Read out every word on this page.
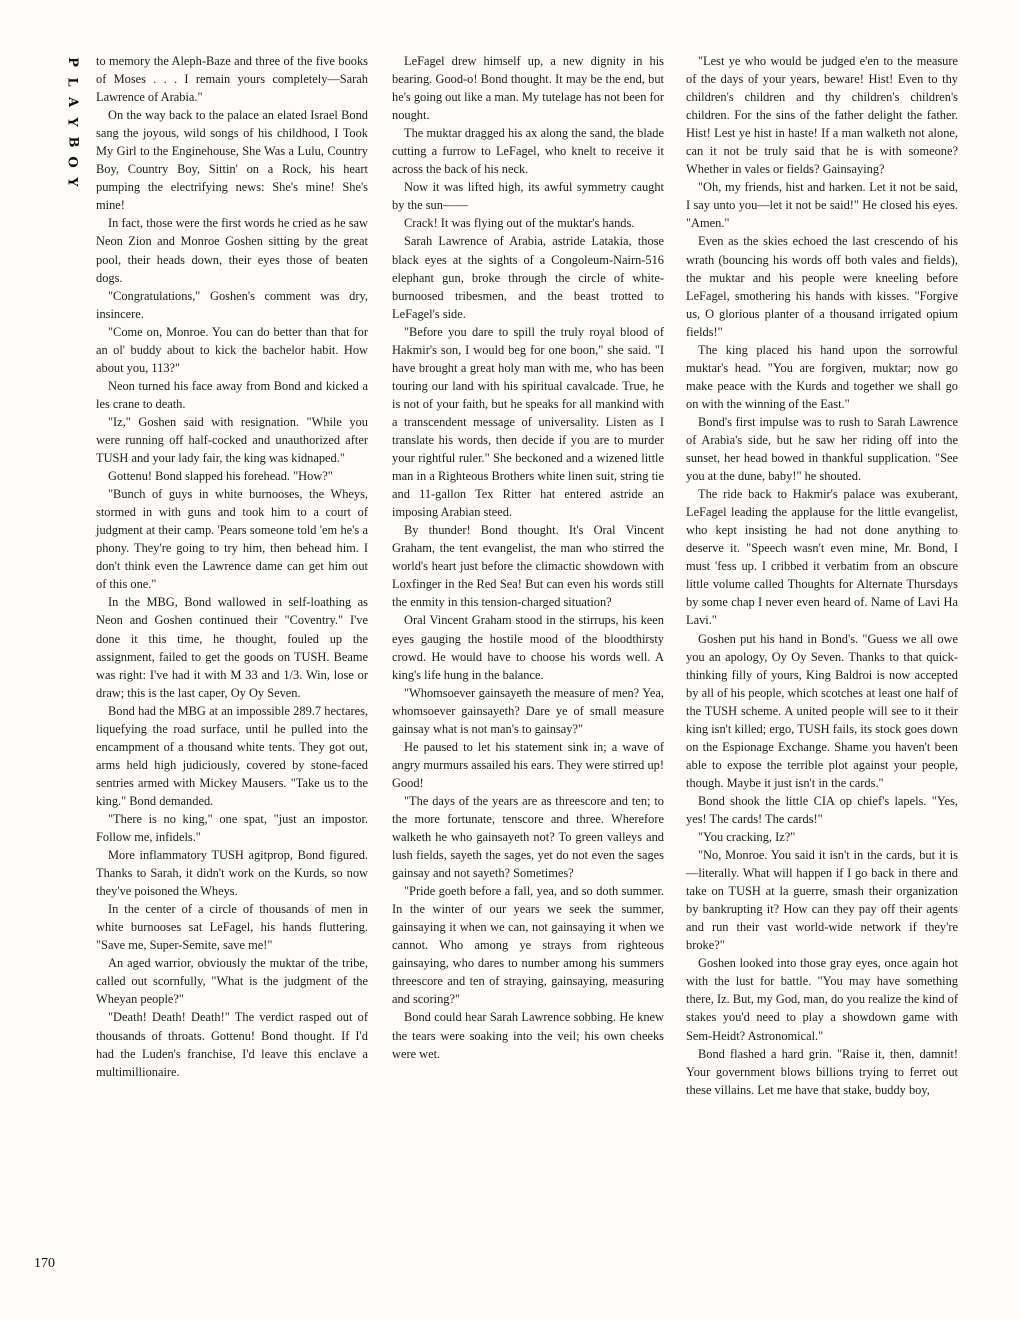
P
L
A
Y
B
O
Y

to memory the Aleph-Baze and three of the five books of Moses . . . I remain yours completely—Sarah Lawrence of Arabia."

On the way back to the palace an elated Israel Bond sang the joyous, wild songs of his childhood, I Took My Girl to the Enginehouse, She Was a Lulu, Country Boy, Country Boy, Sittin' on a Rock, his heart pumping the electrifying news: She's mine! She's mine!

In fact, those were the first words he cried as he saw Neon Zion and Monroe Goshen sitting by the great pool, their heads down, their eyes those of beaten dogs.

"Congratulations," Goshen's comment was dry, insincere.

"Come on, Monroe. You can do better than that for an ol' buddy about to kick the bachelor habit. How about you, 113?"

Neon turned his face away from Bond and kicked a les crane to death.

"Iz," Goshen said with resignation. "While you were running off half-cocked and unauthorized after TUSH and your lady fair, the king was kidnaped."

Gottenu! Bond slapped his forehead. "How?"

"Bunch of guys in white burnooses, the Wheys, stormed in with guns and took him to a court of judgment at their camp. 'Pears someone told 'em he's a phony. They're going to try him, then behead him. I don't think even the Lawrence dame can get him out of this one."

In the MBG, Bond wallowed in self-loathing as Neon and Goshen continued their "Coventry." I've done it this time, he thought, fouled up the assignment, failed to get the goods on TUSH. Beame was right: I've had it with M 33 and 1/3. Win, lose or draw; this is the last caper, Oy Oy Seven.

Bond had the MBG at an impossible 289.7 hectares, liquefying the road surface, until he pulled into the encampment of a thousand white tents. They got out, arms held high judiciously, covered by stone-faced sentries armed with Mickey Mausers. "Take us to the king." Bond demanded.

"There is no king," one spat, "just an impostor. Follow me, infidels."

More inflammatory TUSH agitprop, Bond figured. Thanks to Sarah, it didn't work on the Kurds, so now they've poisoned the Wheys.

In the center of a circle of thousands of men in white burnooses sat LeFagel, his hands fluttering. "Save me, Super-Semite, save me!"

An aged warrior, obviously the muktar of the tribe, called out scornfully, "What is the judgment of the Wheyan people?"

"Death! Death! Death!" The verdict rasped out of thousands of throats. Gottenu! Bond thought. If I'd had the Luden's franchise, I'd leave this enclave a multimillionaire.

LeFagel drew himself up, a new dignity in his bearing. Good-o! Bond thought. It may be the end, but he's going out like a man. My tutelage has not been for nought.

The muktar dragged his ax along the sand, the blade cutting a furrow to LeFagel, who knelt to receive it across the back of his neck.

Now it was lifted high, its awful symmetry caught by the sun——

Crack! It was flying out of the muktar's hands.

Sarah Lawrence of Arabia, astride Latakia, those black eyes at the sights of a Congoleum-Nairn-516 elephant gun, broke through the circle of white-burnoosed tribesmen, and the beast trotted to LeFagel's side.

"Before you dare to spill the truly royal blood of Hakmir's son, I would beg for one boon," she said. "I have brought a great holy man with me, who has been touring our land with his spiritual cavalcade. True, he is not of your faith, but he speaks for all mankind with a transcendent message of universality. Listen as I translate his words, then decide if you are to murder your rightful ruler." She beckoned and a wizened little man in a Righteous Brothers white linen suit, string tie and 11-gallon Tex Ritter hat entered astride an imposing Arabian steed.

By thunder! Bond thought. It's Oral Vincent Graham, the tent evangelist, the man who stirred the world's heart just before the climactic showdown with Loxfinger in the Red Sea! But can even his words still the enmity in this tension-charged situation?

Oral Vincent Graham stood in the stirrups, his keen eyes gauging the hostile mood of the bloodthirsty crowd. He would have to choose his words well. A king's life hung in the balance.

"Whomsoever gainsayeth the measure of men? Yea, whomsoever gainsayeth? Dare ye of small measure gainsay what is not man's to gainsay?"

He paused to let his statement sink in; a wave of angry murmurs assailed his ears. They were stirred up! Good!

"The days of the years are as threescore and ten; to the more fortunate, tenscore and three. Wherefore walketh he who gainsayeth not? To green valleys and lush fields, sayeth the sages, yet do not even the sages gainsay and not sayeth? Sometimes?

"Pride goeth before a fall, yea, and so doth summer. In the winter of our years we seek the summer, gainsaying it when we can, not gainsaying it when we cannot. Who among ye strays from righteous gainsaying, who dares to number among his summers threescore and ten of straying, gainsaying, measuring and scoring?"

Bond could hear Sarah Lawrence sobbing. He knew the tears were soaking into the veil; his own cheeks were wet.

"Lest ye who would be judged e'en to the measure of the days of your years, beware! Hist! Even to thy children's children and thy children's children's children. For the sins of the father delight the father. Hist! Lest ye hist in haste! If a man walketh not alone, can it not be truly said that he is with someone? Whether in vales or fields? Gainsaying?

"Oh, my friends, hist and harken. Let it not be said, I say unto you—let it not be said!" He closed his eyes. "Amen."

Even as the skies echoed the last crescendo of his wrath (bouncing his words off both vales and fields), the muktar and his people were kneeling before LeFagel, smothering his hands with kisses. "Forgive us, O glorious planter of a thousand irrigated opium fields!"

The king placed his hand upon the sorrowful muktar's head. "You are forgiven, muktar; now go make peace with the Kurds and together we shall go on with the winning of the East."

Bond's first impulse was to rush to Sarah Lawrence of Arabia's side, but he saw her riding off into the sunset, her head bowed in thankful supplication. "See you at the dune, baby!" he shouted.

The ride back to Hakmir's palace was exuberant, LeFagel leading the applause for the little evangelist, who kept insisting he had not done anything to deserve it. "Speech wasn't even mine, Mr. Bond, I must 'fess up. I cribbed it verbatim from an obscure little volume called Thoughts for Alternate Thursdays by some chap I never even heard of. Name of Lavi Ha Lavi."

Goshen put his hand in Bond's. "Guess we all owe you an apology, Oy Oy Seven. Thanks to that quick-thinking filly of yours, King Baldroi is now accepted by all of his people, which scotches at least one half of the TUSH scheme. A united people will see to it their king isn't killed; ergo, TUSH fails, its stock goes down on the Espionage Exchange. Shame you haven't been able to expose the terrible plot against your people, though. Maybe it just isn't in the cards."

Bond shook the little CIA op chief's lapels. "Yes, yes! The cards! The cards!"

"You cracking, Iz?"

"No, Monroe. You said it isn't in the cards, but it is—literally. What will happen if I go back in there and take on TUSH at la guerre, smash their organization by bankrupting it? How can they pay off their agents and run their vast world-wide network if they're broke?"

Goshen looked into those gray eyes, once again hot with the lust for battle. "You may have something there, Iz. But, my God, man, do you realize the kind of stakes you'd need to play a showdown game with Sem-Heidt? Astronomical."

Bond flashed a hard grin. "Raise it, then, damnit! Your government blows billions trying to ferret out these villains. Let me have that stake, buddy boy,

170
